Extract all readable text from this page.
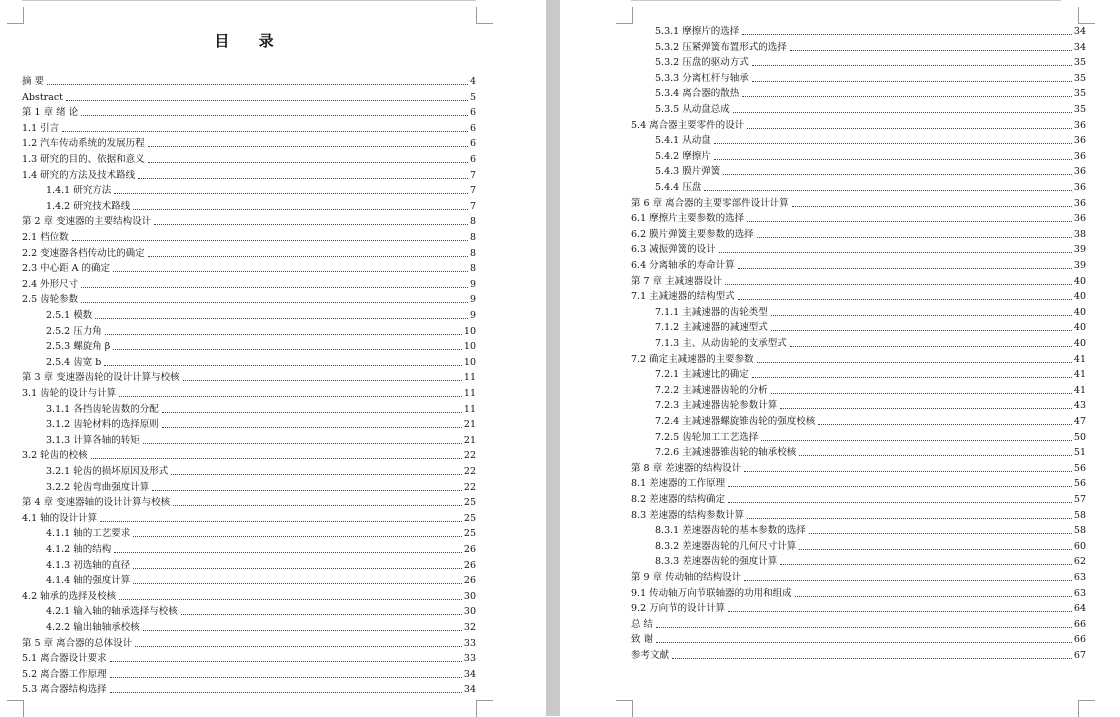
目 录
摘 要	4
Abstract	5
第 1 章 绪 论	6
1.1 引言	6
1.2 汽车传动系统的发展历程	6
1.3 研究的目的、依据和意义	6
1.4 研究的方法及技术路线	7
1.4.1 研究方法	7
1.4.2 研究技术路线	7
第 2 章 变速器的主要结构设计	8
2.1 档位数	8
2.2 变速器各档传动比的确定	8
2.3 中心距 A 的确定	8
2.4 外形尺寸	9
2.5 齿轮参数	9
2.5.1 模数	9
2.5.2 压力角	10
2.5.3 螺旋角 β	10
2.5.4 齿宽 b	10
第 3 章 变速器齿轮的设计计算与校核	11
3.1 齿轮的设计与计算	11
3.1.1 各挡齿轮齿数的分配	11
3.1.2 齿轮材料的选择原则	21
3.1.3 计算各轴的转矩	21
3.2 轮齿的校核	22
3.2.1 轮齿的损坏原因及形式	22
3.2.2 轮齿弯曲强度计算	22
第 4 章 变速器轴的设计计算与校核	25
4.1 轴的设计计算	25
4.1.1 轴的工艺要求	25
4.1.2 轴的结构	26
4.1.3 初选轴的直径	26
4.1.4 轴的强度计算	26
4.2 轴承的选择及校核	30
4.2.1 输入轴的轴承选择与校核	30
4.2.2 输出轴轴承校核	32
第 5 章 离合器的总体设计	33
5.1 离合器设计要求	33
5.2 离合器工作原理	34
5.3 离合器结构选择	34
5.3.1 摩擦片的选择	34
5.3.2 压紧弹簧布置形式的选择	34
5.3.2 压盘的驱动方式	35
5.3.3 分离杠杆与轴承	35
5.3.4 离合器的散热	35
5.3.5 从动盘总成	35
5.4 离合器主要零件的设计	36
5.4.1 从动盘	36
5.4.2 摩擦片	36
5.4.3 膜片弹簧	36
5.4.4 压盘	36
第 6 章 离合器的主要零部件设计计算	36
6.1 摩擦片主要参数的选择	36
6.2 膜片弹簧主要参数的选择	38
6.3 减振弹簧的设计	39
6.4 分离轴承的寿命计算	39
第 7 章 主减速器设计	40
7.1 主减速器的结构型式	40
7.1.1 主减速器的齿轮类型	40
7.1.2 主减速器的减速型式	40
7.1.3 主、从动齿轮的支承型式	40
7.2 确定主减速器的主要参数	41
7.2.1 主减速比的确定	41
7.2.2 主减速器齿轮的分析	41
7.2.3 主减速器齿轮参数计算	43
7.2.4 主减速器螺旋锥齿轮的强度校核	47
7.2.5 齿轮加工工艺选择	50
7.2.6 主减速器锥齿轮的轴承校核	51
第 8 章 差速器的结构设计	56
8.1 差速器的工作原理	56
8.2 差速器的结构确定	57
8.3 差速器的结构参数计算	58
8.3.1 差速器齿轮的基本参数的选择	58
8.3.2 差速器齿轮的几何尺寸计算	60
8.3.3 差速器齿轮的强度计算	62
第 9 章 传动轴的结构设计	63
9.1 传动轴万向节联轴器的功用和组成	63
9.2 万向节的设计计算	64
总 结	66
致 谢	66
参考文献	67
